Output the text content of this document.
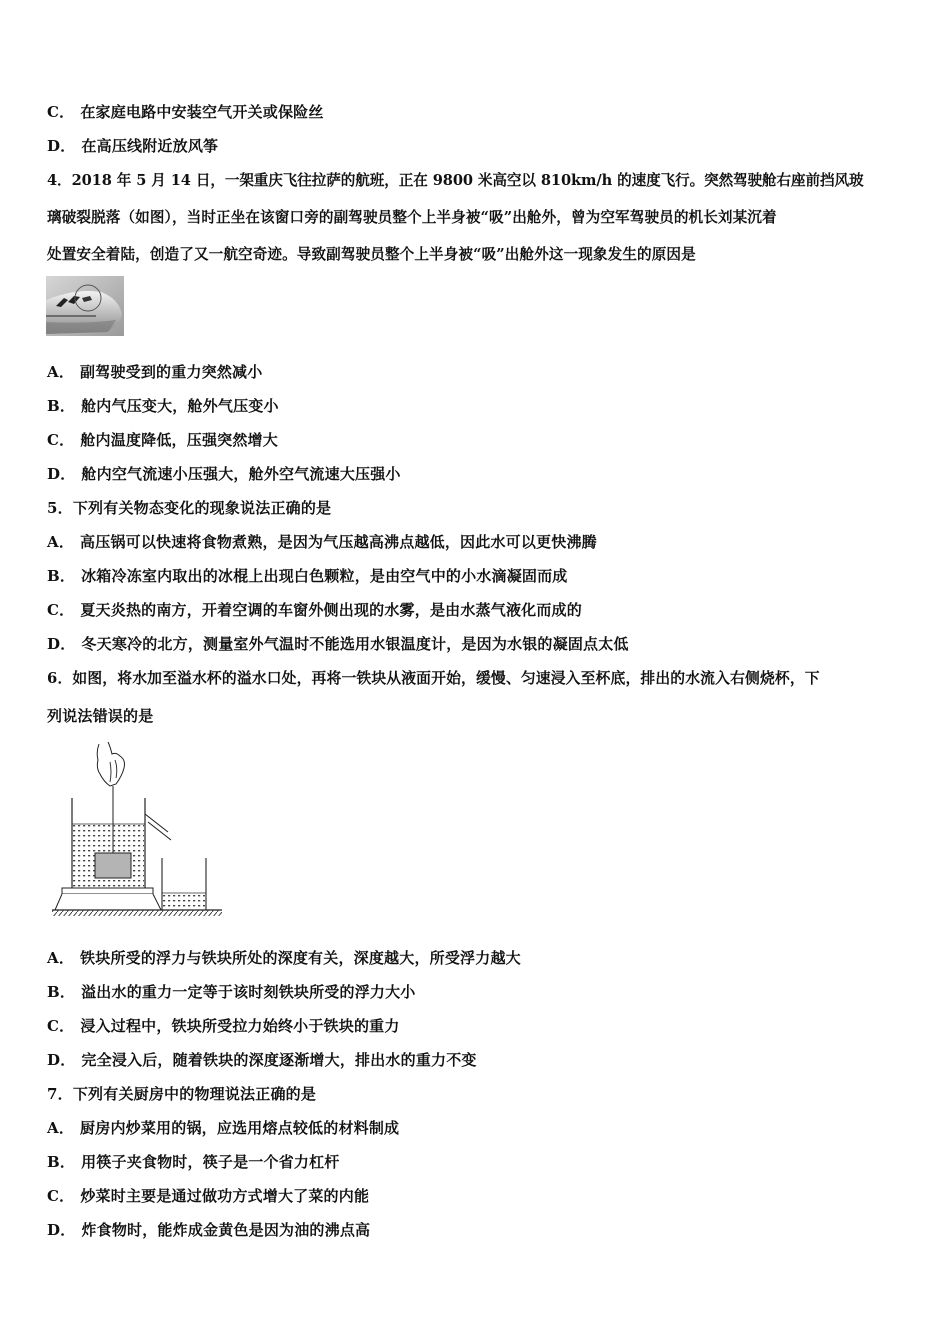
C． 在家庭电路中安装空气开关或保险丝
D． 在高压线附近放风筝
4．2018 年 5 月 14 日，一架重庆飞往拉萨的航班，正在 9800 米高空以 810km/h 的速度飞行。突然驾驶舱右座前挡风玻
璃破裂脱落（如图），当时正坐在该窗口旁的副驾驶员整个上半身被“吸”出舱外，曾为空军驾驶员的机长刘某沉着
处置安全着陆，创造了又一航空奇迹。导致副驾驶员整个上半身被“吸”出舱外这一现象发生的原因是
A． 副驾驶受到的重力突然减小
B． 舱内气压变大，舱外气压变小
C． 舱内温度降低，压强突然增大
D． 舱内空气流速小压强大，舱外空气流速大压强小
5．下列有关物态变化的现象说法正确的是
A． 高压锅可以快速将食物煮熟，是因为气压越高沸点越低，因此水可以更快沸腾
B． 冰箱冷冻室内取出的冰棍上出现白色颗粒，是由空气中的小水滴凝固而成
C． 夏天炎热的南方，开着空调的车窗外侧出现的水雾，是由水蒸气液化而成的
D． 冬天寒冷的北方，测量室外气温时不能选用水银温度计，是因为水银的凝固点太低
6．如图，将水加至溢水杯的溢水口处，再将一铁块从液面开始，缓慢、匀速浸入至杯底，排出的水流入右侧烧杯，下
列说法错误的是
A． 铁块所受的浮力与铁块所处的深度有关，深度越大，所受浮力越大
B． 溢出水的重力一定等于该时刻铁块所受的浮力大小
C． 浸入过程中，铁块所受拉力始终小于铁块的重力
D． 完全浸入后，随着铁块的深度逐渐增大，排出水的重力不变
7．下列有关厨房中的物理说法正确的是
A． 厨房内炒菜用的锅，应选用熔点较低的材料制成
B． 用筷子夹食物时，筷子是一个省力杠杆
C． 炒菜时主要是通过做功方式增大了菜的内能
D． 炸食物时，能炸成金黄色是因为油的沸点高
